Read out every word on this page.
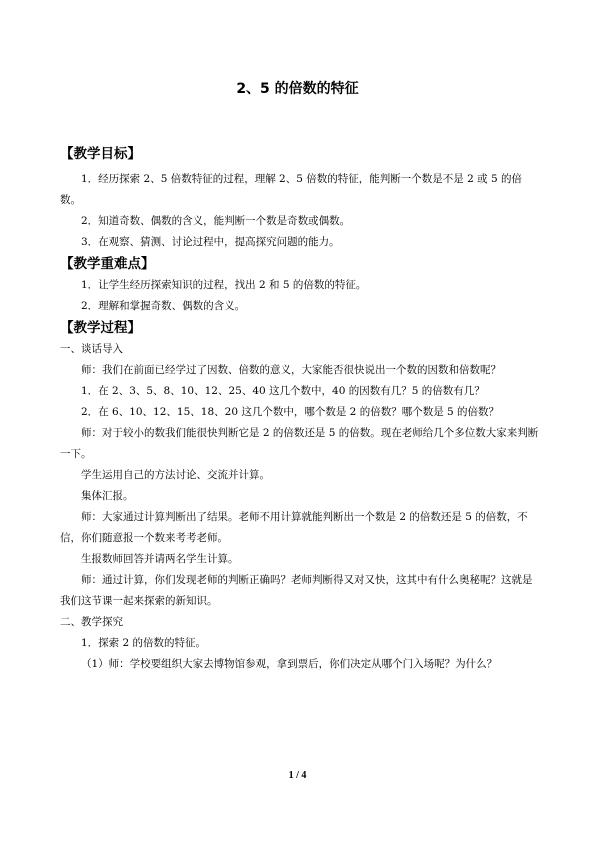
2、5 的倍数的特征
【教学目标】

1．经历探索 2、5 倍数特征的过程，理解 2、5 倍数的特征，能判断一个数是不是 2 或 5 的倍数。

2．知道奇数、偶数的含义，能判断一个数是奇数或偶数。

3．在观察、猜测、讨论过程中，提高探究问题的能力。

【教学重难点】

1．让学生经历探索知识的过程，找出 2 和 5 的倍数的特征。

2．理解和掌握奇数、偶数的含义。

【教学过程】

一、谈话导入

师：我们在前面已经学过了因数、倍数的意义，大家能否很快说出一个数的因数和倍数呢？

1．在 2、3、5、8、10、12、25、40 这几个数中，40 的因数有几？5 的倍数有几？

2．在 6、10、12、15、18、20 这几个数中，哪个数是 2 的倍数？哪个数是 5 的倍数？

师：对于较小的数我们能很快判断它是 2 的倍数还是 5 的倍数。现在老师给几个多位数大家来判断一下。

学生运用自己的方法讨论、交流并计算。

集体汇报。

师：大家通过计算判断出了结果。老师不用计算就能判断出一个数是 2 的倍数还是 5 的倍数，不信，你们随意报一个数来考考老师。

生报数师回答并请两名学生计算。

师：通过计算，你们发现老师的判断正确吗？老师判断得又对又快，这其中有什么奥秘呢？这就是我们这节课一起来探索的新知识。

二、教学探究

1．探索 2 的倍数的特征。

（1）师：学校要组织大家去博物馆参观，拿到票后，你们决定从哪个门入场呢？为什么？

1 / 4
